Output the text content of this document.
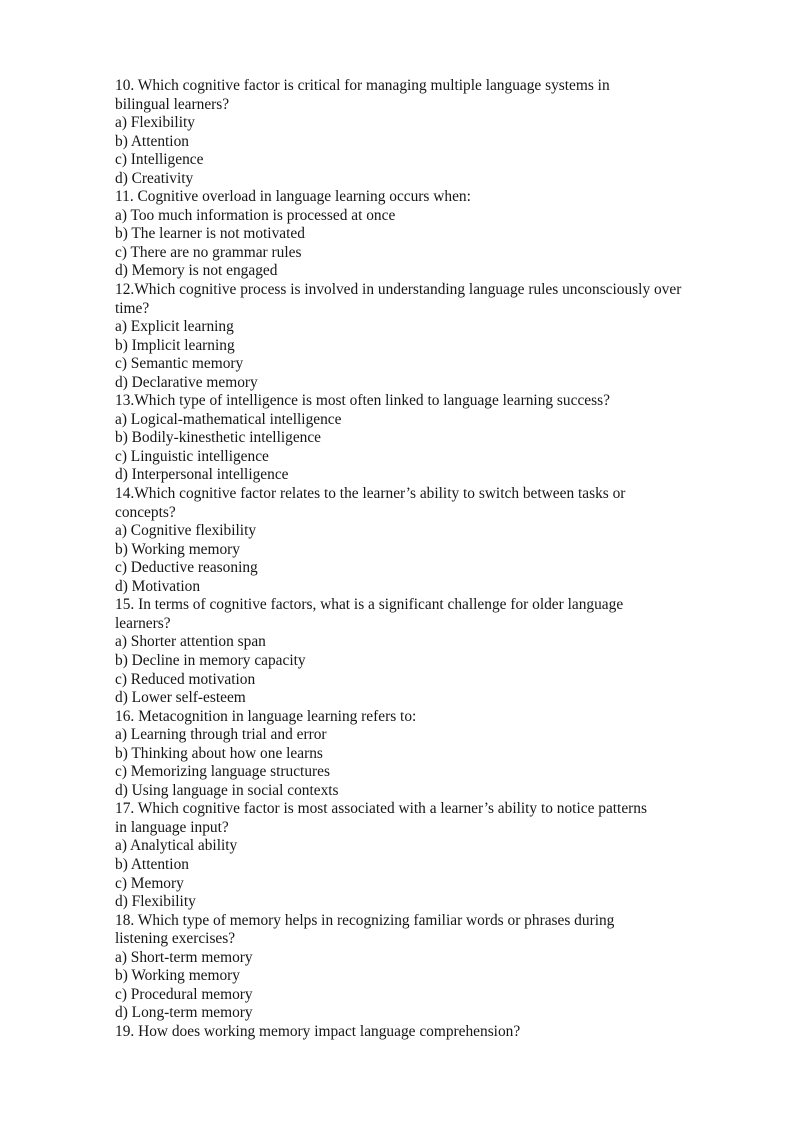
10. Which cognitive factor is critical for managing multiple language systems in
bilingual learners?
a) Flexibility
b) Attention
c) Intelligence
d) Creativity
11. Cognitive overload in language learning occurs when:
a) Too much information is processed at once
b) The learner is not motivated
c) There are no grammar rules
d) Memory is not engaged
12.Which cognitive process is involved in understanding language rules unconsciously over
time?
a) Explicit learning
b) Implicit learning
c) Semantic memory
d) Declarative memory
13.Which type of intelligence is most often linked to language learning success?
a) Logical-mathematical intelligence
b) Bodily-kinesthetic intelligence
c) Linguistic intelligence
d) Interpersonal intelligence
14.Which cognitive factor relates to the learner’s ability to switch between tasks or
concepts?
a) Cognitive flexibility
b) Working memory
c) Deductive reasoning
d) Motivation
15. In terms of cognitive factors, what is a significant challenge for older language
learners?
a) Shorter attention span
b) Decline in memory capacity
c) Reduced motivation
d) Lower self-esteem
16. Metacognition in language learning refers to:
a) Learning through trial and error
b) Thinking about how one learns
c) Memorizing language structures
d) Using language in social contexts
17. Which cognitive factor is most associated with a learner’s ability to notice patterns
in language input?
a) Analytical ability
b) Attention
c) Memory
d) Flexibility
18. Which type of memory helps in recognizing familiar words or phrases during
listening exercises?
a) Short-term memory
b) Working memory
c) Procedural memory
d) Long-term memory
19. How does working memory impact language comprehension?
